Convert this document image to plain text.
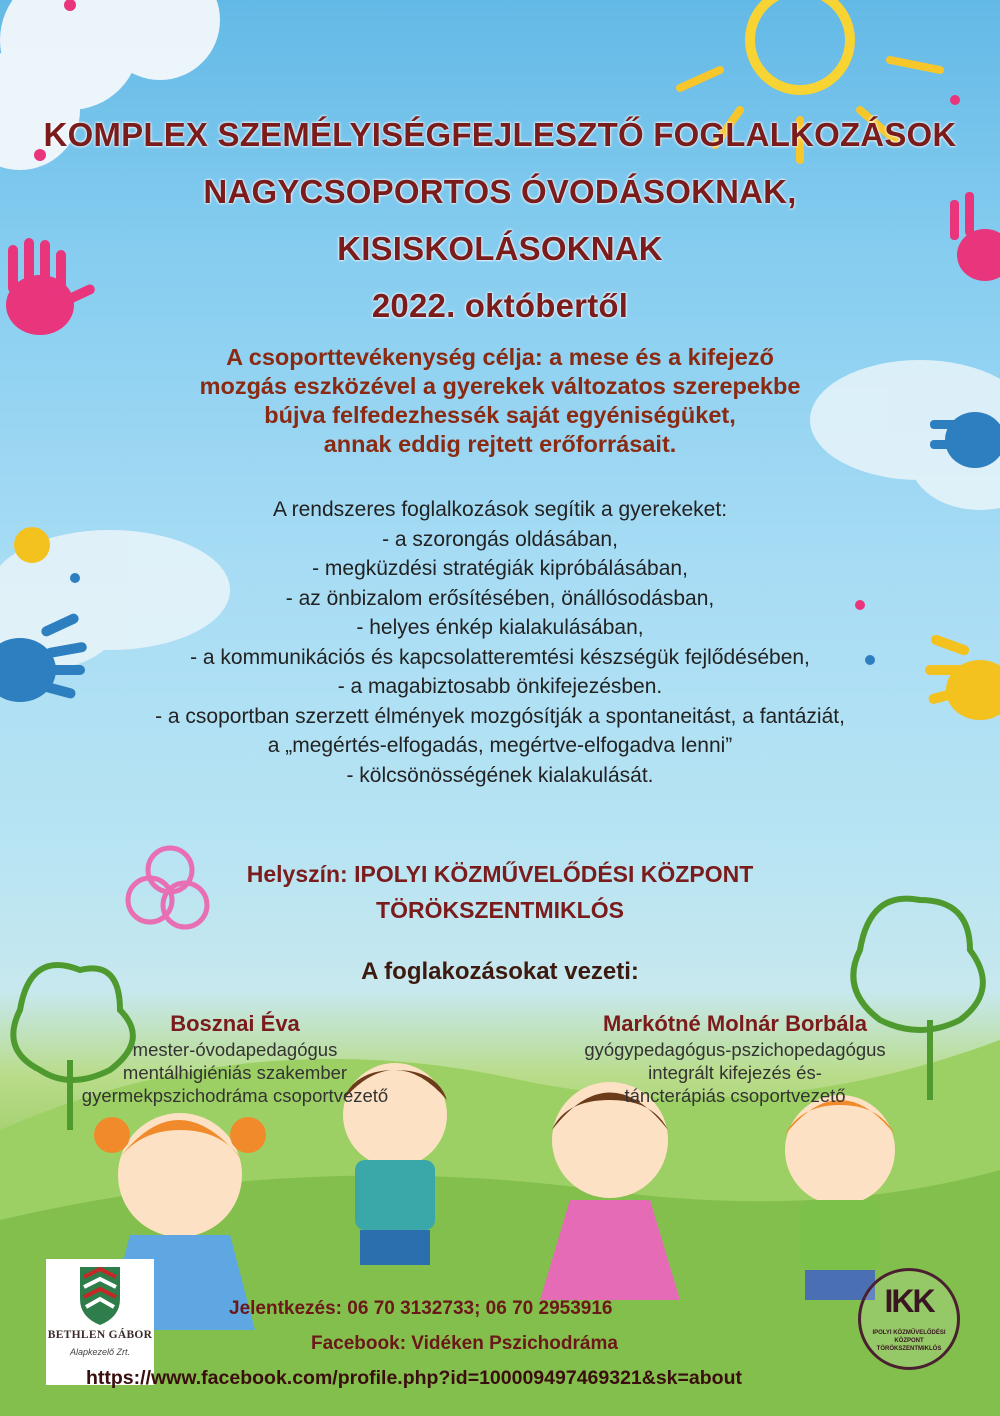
KOMPLEX SZEMÉLYISÉGFEJLESZTŐ FOGLALKOZÁSOK
NAGYCSOPORTOS ÓVODÁSOKNAK,
KISISKOLÁSOKNAK
2022. októbertől
A csoporttevékenység célja: a mese és a kifejező
mozgás eszközével a gyerekek változatos szerepekbe
bújva felfedezhessék saját egyéniségüket,
annak eddig rejtett erőforrásait.
A rendszeres foglalkozások segítik a gyerekeket:
- a szorongás oldásában,
- megküzdési stratégiák kipróbálásában,
- az önbizalom erősítésében, önállósodásban,
- helyes énkép kialakulásában,
- a kommunikációs és kapcsolatteremtési készségük fejlődésében,
- a magabiztosabb önkifejezésben.
- a csoportban szerzett élmények mozgósítják a spontaneitást, a fantáziát,
a „megértés-elfogadás, megértve-elfogadva lenni”
- kölcsönösségének kialakulását.
Helyszín: IPOLYI KÖZMŰVELŐDÉSI KÖZPONT
TÖRÖKSZENTMIKLÓS
A foglakozásokat vezeti:
Bosznai Éva
mester-óvodapedagógus
mentálhigiéniás szakember
gyermekpszichodráma csoportvezető
Markótné Molnár Borbála
gyógypedagógus-pszichopedagógus
integrált kifejezés és-
táncterápiás csoportvezető
BETHLEN GÁBOR
Alapkezelő Zrt.
IKK
IPOLYI KÖZMŰVELŐDÉSI KÖZPONT TÖRÖKSZENTMIKLÓS
Jelentkezés: 06 70 3132733; 06 70 2953916
Facebook: Vidéken Pszichodráma
https://www.facebook.com/profile.php?id=100009497469321&sk=about
